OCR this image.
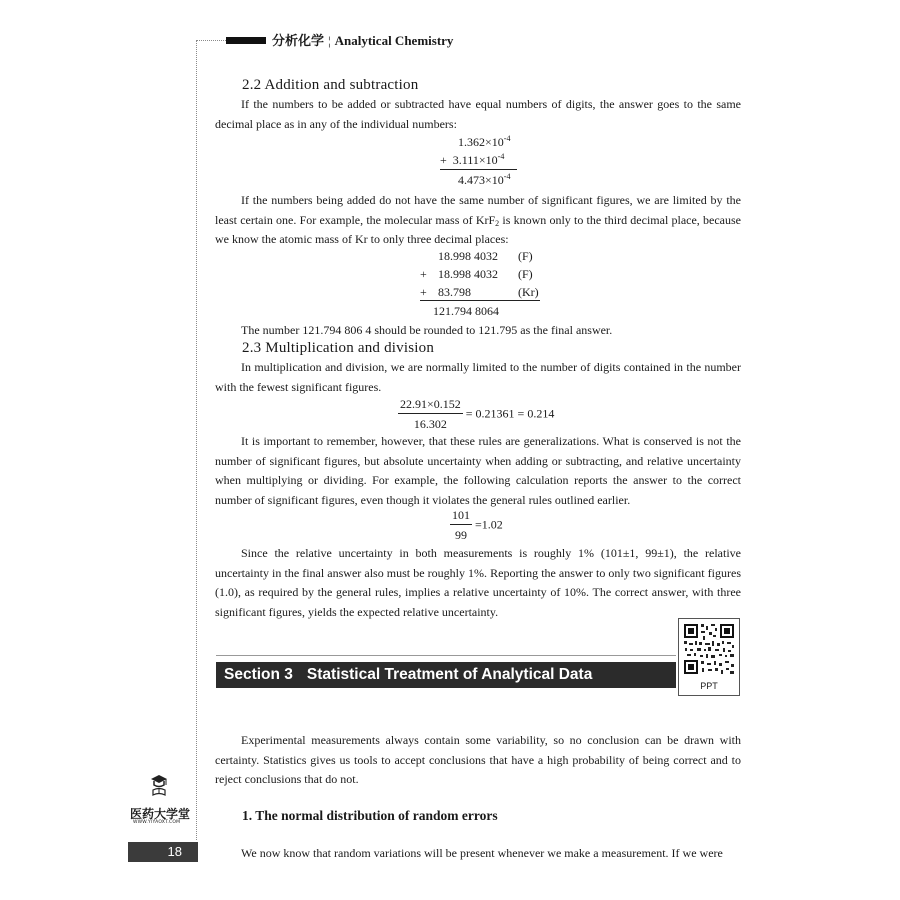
分析化学 ¦ Analytical Chemistry
2.2 Addition and subtraction
If the numbers to be added or subtracted have equal numbers of digits, the answer goes to the same decimal place as in any of the individual numbers:
$1.362\times 10^{-4}$
+ $3.111\times 10^{-4}$
$4.473\times 10^{-4}$
If the numbers being added do not have the same number of significant figures, we are limited by the least certain one. For example, the molecular mass of KrF$_2$ is known only to the third decimal place, because we know the atomic mass of Kr to only three decimal places:
18.998 4032 (F)
+ 18.998 4032 (F)
+ 83.798	(Kr)
121.794 8064
The number 121.794 806 4 should be rounded to 121.795 as the final answer.
2.3 Multiplication and division
In multiplication and division, we are normally limited to the number of digits contained in the number with the fewest significant figures.
$\frac{22.91\times 0.152}{16.302} = 0.21361 = 0.214$
It is important to remember, however, that these rules are generalizations. What is conserved is not the number of significant figures, but absolute uncertainty when adding or subtracting, and relative uncertainty when multiplying or dividing. For example, the following calculation reports the answer to the correct number of significant figures, even though it violates the general rules outlined earlier.
$\frac{101}{99} =1.02$
Since the relative uncertainty in both measurements is roughly 1% (101±1, 99±1), the relative uncertainty in the final answer also must be roughly 1%. Reporting the answer to only two significant figures (1.0), as required by the general rules, implies a relative uncertainty of 10%. The correct answer, with three significant figures, yields the expected relative uncertainty.
Section 3 Statistical Treatment of Analytical Data
PPT
Experimental measurements always contain some variability, so no conclusion can be drawn with certainty. Statistics gives us tools to accept conclusions that have a high probability of being correct and to reject conclusions that do not.
1. The normal distribution of random errors
We now know that random variations will be present whenever we make a measurement. If we were
医药大学堂
WWW.YIYAOXT.COM
18
